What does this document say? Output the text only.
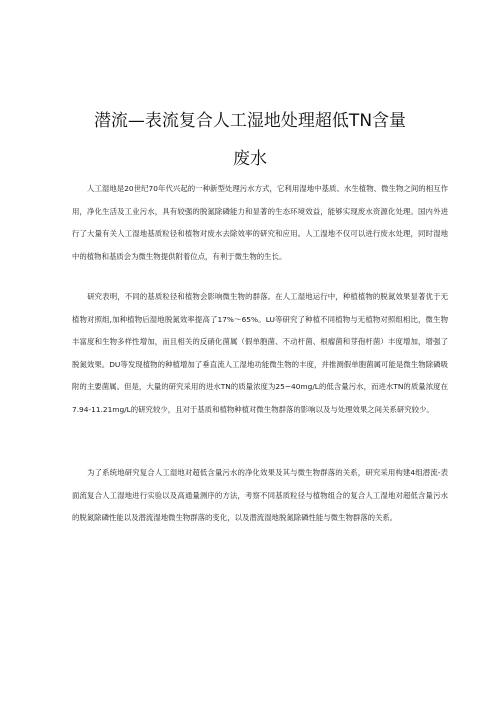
潜流—表流复合人工湿地处理超低TN含量
废水

人工湿地是20世纪70年代兴起的一种新型处理污水方式，它利用湿地中基质、水生植物、微生物之间的相互作用，净化生活及工业污水，具有较强的脱氮除磷能力和显著的生态环境效益，能够实现废水资源化处理。国内外进行了大量有关人工湿地基质粒径和植物对废水去除效率的研究和应用。人工湿地不仅可以进行废水处理，同时湿地中的植物和基质会为微生物提供附着位点，有利于微生物的生长。

研究表明，不同的基质粒径和植物会影响微生物的群落。在人工湿地运行中，种植植物的脱氮效果显著优于无植物对照组,加种植物后湿地脱氮效率提高了17%～65%。LU等研究了种植不同植物与无植物对照组相比，微生物丰富度和生物多样性增加，而且相关的反硝化菌属（假单胞菌、不动杆菌、根瘤菌和芽孢杆菌）丰度增加，增强了脱氮效果。DU等发现植物的种植增加了垂直流人工湿地功能微生物的丰度，并推测假单胞菌属可能是微生物除磷吸附的主要菌属。但是，大量的研究采用的进水TN的质量浓度为25~40mg/L的低含量污水，而进水TN的质量浓度在7.94-11.21mg/L的研究较少，且对于基质和植物种植对微生物群落的影响以及与处理效果之间关系研究较少。

为了系统地研究复合人工湿地对超低含量污水的净化效果及其与微生物群落的关系，研究采用构建4组潜流-表面流复合人工湿地进行实验以及高通量测序的方法，考察不同基质粒径与植物组合的复合人工湿地对超低含量污水的脱氮除磷性能以及潜流湿地微生物群落的变化，以及潜流湿地脱氮除磷性能与微生物群落的关系。
